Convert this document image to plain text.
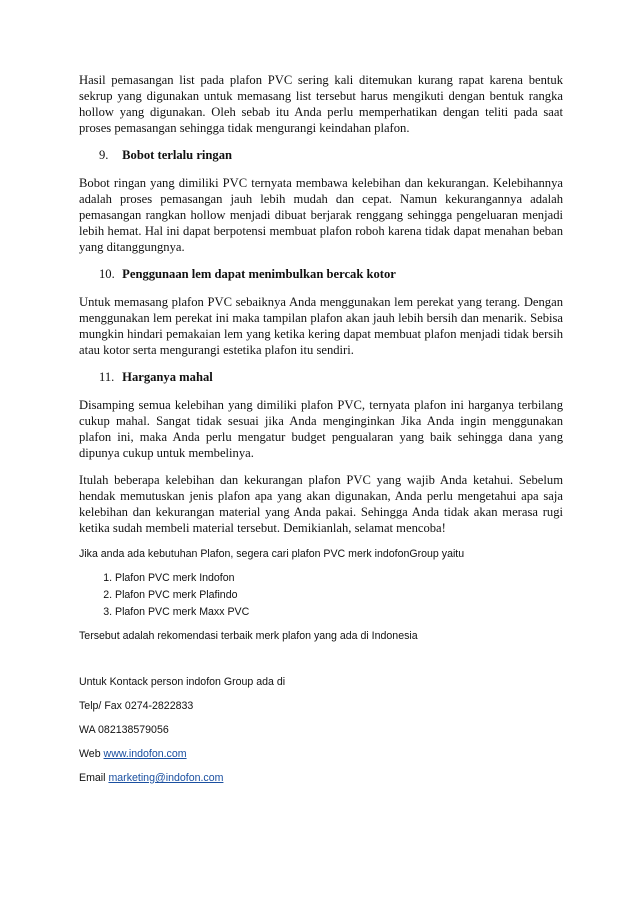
Hasil pemasangan list pada plafon PVC sering kali ditemukan kurang rapat karena bentuk sekrup yang digunakan untuk memasang list tersebut harus mengikuti dengan bentuk rangka hollow yang digunakan. Oleh sebab itu Anda perlu memperhatikan dengan teliti pada saat proses pemasangan sehingga tidak mengurangi keindahan plafon.

9. Bobot terlalu ringan

Bobot ringan yang dimiliki PVC ternyata membawa kelebihan dan kekurangan. Kelebihannya adalah proses pemasangan jauh lebih mudah dan cepat. Namun kekurangannya adalah pemasangan rangkan hollow menjadi dibuat berjarak renggang sehingga pengeluaran menjadi lebih hemat. Hal ini dapat berpotensi membuat plafon roboh karena tidak dapat menahan beban yang ditanggungnya.

10. Penggunaan lem dapat menimbulkan bercak kotor

Untuk memasang plafon PVC sebaiknya Anda menggunakan lem perekat yang terang. Dengan menggunakan lem perekat ini maka tampilan plafon akan jauh lebih bersih dan menarik. Sebisa mungkin hindari pemakaian lem yang ketika kering dapat membuat plafon menjadi tidak bersih atau kotor serta mengurangi estetika plafon itu sendiri.

11. Harganya mahal

Disamping semua kelebihan yang dimiliki plafon PVC, ternyata plafon ini harganya terbilang cukup mahal. Sangat tidak sesuai jika Anda menginginkan Jika Anda ingin menggunakan plafon ini, maka Anda perlu mengatur budget pengualaran yang baik sehingga dana yang dipunya cukup untuk membelinya.

Itulah beberapa kelebihan dan kekurangan plafon PVC yang wajib Anda ketahui. Sebelum hendak memutuskan jenis plafon apa yang akan digunakan, Anda perlu mengetahui apa saja kelebihan dan kekurangan material yang Anda pakai. Sehingga Anda tidak akan merasa rugi ketika sudah membeli material tersebut. Demikianlah, selamat mencoba!

Jika anda ada kebutuhan Plafon, segera cari plafon PVC merk indofonGroup yaitu

1. Plafon PVC merk Indofon
2. Plafon PVC merk Plafindo
3. Plafon PVC merk Maxx PVC

Tersebut adalah rekomendasi terbaik merk plafon yang ada di Indonesia

Untuk Kontack person indofon Group ada di

Telp/ Fax 0274-2822833

WA 082138579056

Web www.indofon.com

Email marketing@indofon.com
